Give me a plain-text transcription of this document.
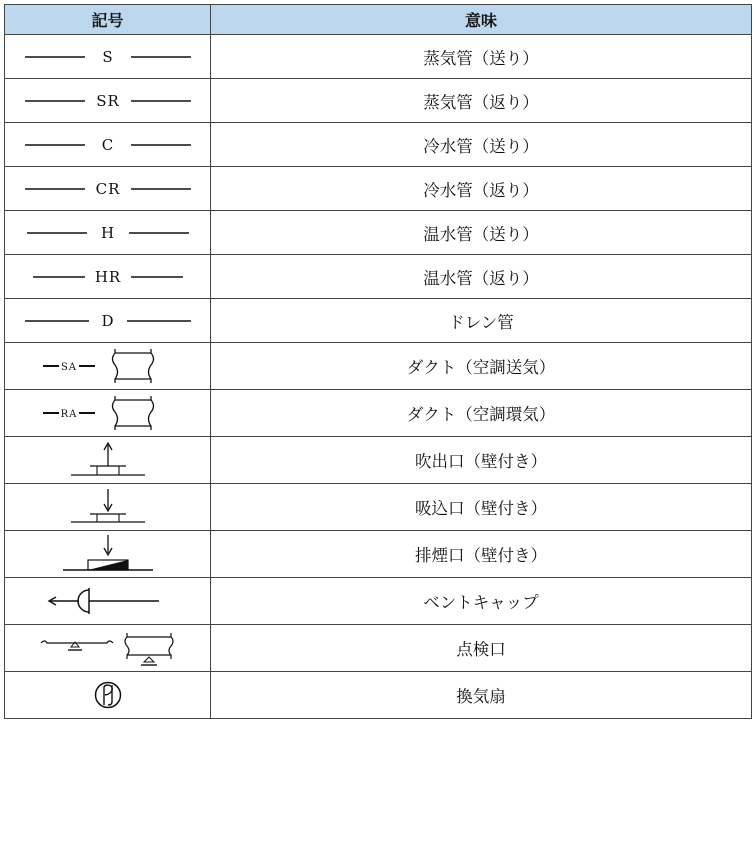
記号	意味

S	蒸気管（送り）

SR	蒸気管（返り）

C	冷水管（送り）

CR	冷水管（返り）

H	温水管（送り）

HR	温水管（返り）

D	ドレン管

SA	ダクト（空調送気）

RA	ダクト（空調環気）

	吹出口（壁付き）

	吸込口（壁付き）

	排煙口（壁付き）

	ベントキャップ

	点検口

	換気扇
